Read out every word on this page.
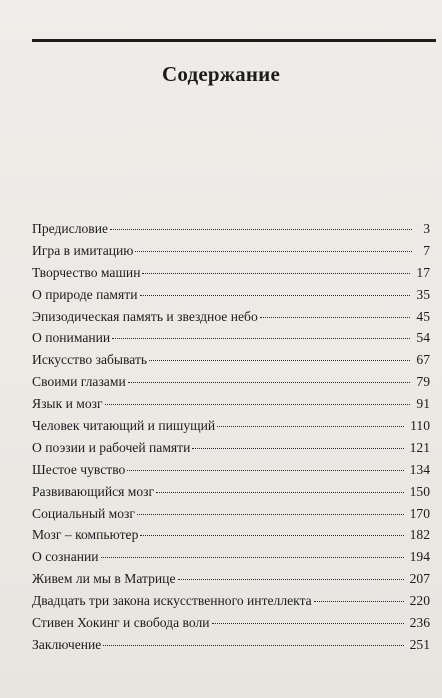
Содержание
Предисловие	3
Игра в имитацию	7
Творчество машин	17
О природе памяти	35
Эпизодическая память и звездное небо	45
О понимании	54
Искусство забывать	67
Своими глазами	79
Язык и мозг	91
Человек читающий и пишущий	110
О поэзии и рабочей памяти	121
Шестое чувство	134
Развивающийся мозг	150
Социальный мозг	170
Мозг – компьютер	182
О сознании	194
Живем ли мы в Матрице	207
Двадцать три закона искусственного интеллекта	220
Стивен Хокинг и свобода воли	236
Заключение	251
